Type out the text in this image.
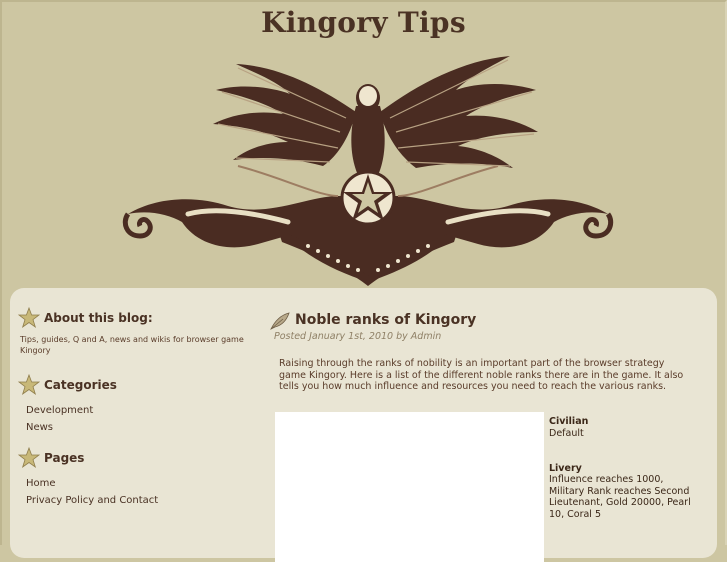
Kingory Tips
About this blog:
Tips, guides, Q and A, news and wikis for browser game Kingory
Categories
Development
News
Pages
Home
Privacy Policy and Contact
Noble ranks of Kingory
Posted January 1st, 2010 by Admin
Raising through the ranks of nobility is an important part of the browser strategy game Kingory. Here is a list of the different noble ranks there are in the game. It also tells you how much influence and resources you need to reach the various ranks.
Civilian
Default
Livery
Influence reaches 1000, Military Rank reaches Second Lieutenant, Gold 20000, Pearl 10, Coral 5
